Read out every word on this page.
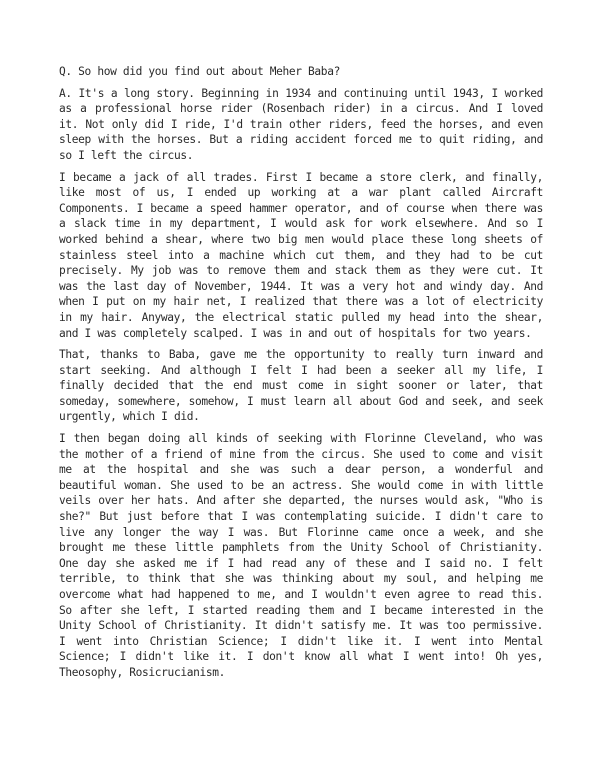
Q. So how did you find out about Meher Baba?

A. It's a long story. Beginning in 1934 and continuing until 1943, I worked as a professional horse rider (Rosenbach rider) in a circus. And I loved it. Not only did I ride, I'd train other riders, feed the horses, and even sleep with the horses. But a riding accident forced me to quit riding, and so I left the circus.

I became a jack of all trades. First I became a store clerk, and finally, like most of us, I ended up working at a war plant called Aircraft Components. I became a speed hammer operator, and of course when there was a slack time in my department, I would ask for work elsewhere. And so I worked behind a shear, where two big men would place these long sheets of stainless steel into a machine which cut them, and they had to be cut precisely. My job was to remove them and stack them as they were cut. It was the last day of November, 1944. It was a very hot and windy day. And when I put on my hair net, I realized that there was a lot of electricity in my hair. Anyway, the electrical static pulled my head into the shear, and I was completely scalped. I was in and out of hospitals for two years.

That, thanks to Baba, gave me the opportunity to really turn inward and start seeking. And although I felt I had been a seeker all my life, I finally decided that the end must come in sight sooner or later, that someday, somewhere, somehow, I must learn all about God and seek, and seek urgently, which I did.

I then began doing all kinds of seeking with Florinne Cleveland, who was the mother of a friend of mine from the circus. She used to come and visit me at the hospital and she was such a dear person, a wonderful and beautiful woman. She used to be an actress. She would come in with little veils over her hats. And after she departed, the nurses would ask, "Who is she?" But just before that I was contemplating suicide. I didn't care to live any longer the way I was. But Florinne came once a week, and she brought me these little pamphlets from the Unity School of Christianity. One day she asked me if I had read any of these and I said no. I felt terrible, to think that she was thinking about my soul, and helping me overcome what had happened to me, and I wouldn't even agree to read this. So after she left, I started reading them and I became interested in the Unity School of Christianity. It didn't satisfy me. It was too permissive. I went into Christian Science; I didn't like it. I went into Mental Science; I didn't like it. I don't know all what I went into! Oh yes, Theosophy, Rosicrucianism.
